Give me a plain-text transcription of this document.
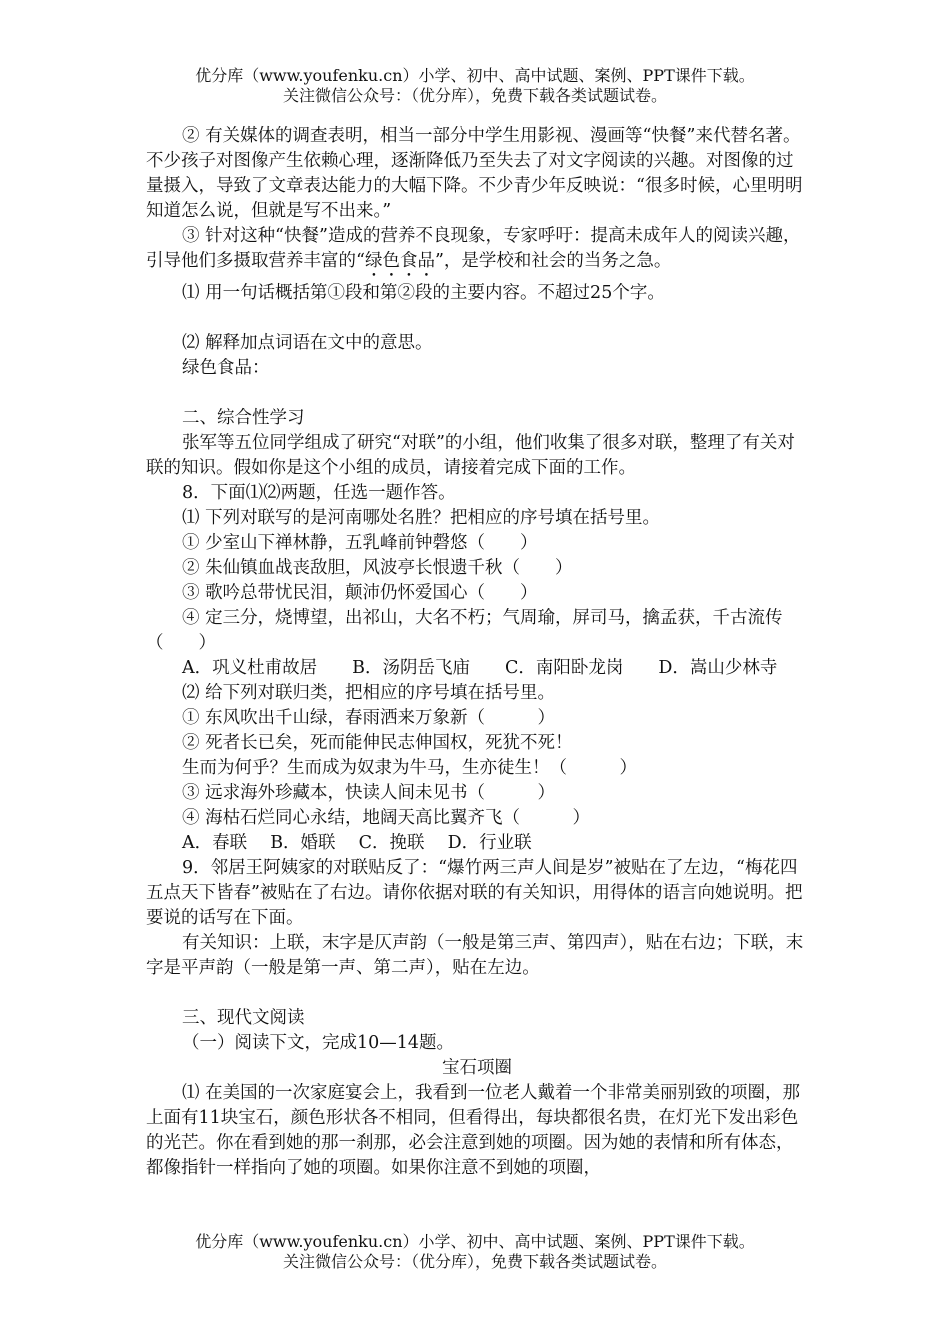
优分库（www.youfenku.cn）小学、初中、高中试题、案例、PPT课件下载。
关注微信公众号：（优分库），免费下载各类试题试卷。

② 有关媒体的调查表明，相当一部分中学生用影视、漫画等“快餐”来代替名著。不少孩子对图像产生依赖心理，逐渐降低乃至失去了对文字阅读的兴趣。对图像的过量摄入，导致了文章表达能力的大幅下降。不少青少年反映说：“很多时候，心里明明知道怎么说，但就是写不出来。”

③ 针对这种“快餐”造成的营养不良现象，专家呼吁：提高未成年人的阅读兴趣，引导他们多摄取营养丰富的“绿色食品”，是学校和社会的当务之急。

⑴ 用一句话概括第①段和第②段的主要内容。不超过25个字。

⑵ 解释加点词语在文中的意思。

绿色食品：

二、综合性学习

张军等五位同学组成了研究“对联”的小组，他们收集了很多对联，整理了有关对联的知识。假如你是这个小组的成员，请接着完成下面的工作。

8．下面⑴⑵两题，任选一题作答。

⑴ 下列对联写的是河南哪处名胜？把相应的序号填在括号里。

① 少室山下禅林静，五乳峰前钟磬悠（　　）

② 朱仙镇血战丧敌胆，风波亭长恨遗千秋（　　）

③ 歌吟总带忧民泪，颠沛仍怀爱国心（　　）

④ 定三分，烧博望，出祁山，大名不朽；气周瑜，屏司马，擒孟获，千古流传（　　）

A．巩义杜甫故居　　B．汤阴岳飞庙　　C．南阳卧龙岗　　D．嵩山少林寺

⑵ 给下列对联归类，把相应的序号填在括号里。

① 东风吹出千山绿，春雨洒来万象新（　　　）

② 死者长已矣，死而能伸民志伸国权，死犹不死！

生而为何乎？生而成为奴隶为牛马，生亦徒生！（　　　）

③ 远求海外珍藏本，快读人间未见书（　　　）

④ 海枯石烂同心永结，地阔天高比翼齐飞（　　　）

A．春联　 B．婚联　 C．挽联　 D．行业联

9．邻居王阿姨家的对联贴反了：“爆竹两三声人间是岁”被贴在了左边，“梅花四五点天下皆春”被贴在了右边。请你依据对联的有关知识，用得体的语言向她说明。把要说的话写在下面。

有关知识：上联，末字是仄声韵（一般是第三声、第四声），贴在右边；下联，末字是平声韵（一般是第一声、第二声），贴在左边。

三、现代文阅读

（一）阅读下文，完成10—14题。

宝石项圈

⑴ 在美国的一次家庭宴会上，我看到一位老人戴着一个非常美丽别致的项圈，那上面有11块宝石，颜色形状各不相同，但看得出，每块都很名贵，在灯光下发出彩色的光芒。你在看到她的那一刹那，必会注意到她的项圈。因为她的表情和所有体态，都像指针一样指向了她的项圈。如果你注意不到她的项圈，

优分库（www.youfenku.cn）小学、初中、高中试题、案例、PPT课件下载。
关注微信公众号：（优分库），免费下载各类试题试卷。
